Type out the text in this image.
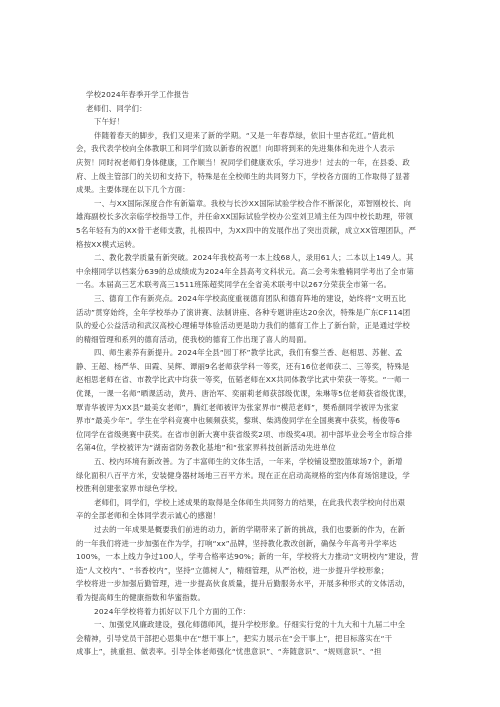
学校2024年春季开学工作报告

老师们、同学们：

下午好！

伴随着春天的脚步，我们又迎来了新的学期。“又是一年春草绿，依旧十里杏花红。”借此机

会，我代表学校向全体教职工和同学们致以新春的祝愿！向即将到来的先进集体和先进个人表示

庆贺！同时祝老师们身体健康，工作顺当！祝同学们健康欢乐，学习进步！过去的一年，在县委、政

府、上级主管部门的关切和支持下，特殊是在全校师生的共同努力下，学校各方面的工作取得了显著

成果。主要体现在以下几个方面：

一、与XX国际深度合作有新篇章。我校与长沙XX国际试验学校合作不断深化，邓智刚校长、向

雄海副校长多次亲临学校指导工作，并任命XX国际试验学校办公室刘卫靖主任为四中校长助理，带领

5名年轻有为的XX骨干老师支教，扎根四中，为XX四中的发展作出了突出贡献，成立XX管理团队，严

格按XX模式运转。

二、教化教学质量有新突破。2024年我校高考一本上线68人，录用61人；二本以上149人。其

中余栩同学以档案分639的总成绩成为2024年全县高考文科状元。高二会考朱雅楠同学考出了全市第

一名。本届高三艺术联考高三1511班陈超奖同学在全省美术联考中以267分荣获全市第一名。

三、德育工作有新亮点。2024年学校高度重视德育团队和德育阵地的建设，始终将“文明五比

活动”贯穿始终，全年学校举办了演讲赛、法制讲座、各种专题讲座达20余次，特殊是广东CF114团

队的爱心公益活动和武汉高校心理辅导体验活动更是助力我们的德育工作上了新台阶，正是通过学校

的精细管理和系列的德育活动，使我校的德育工作出现了喜人的局面。

四、师生素养有新提升。2024年全县“园丁杯”教学比武，我们有黎兰香、赵相思、苏催、孟

静、王超、杨严华、田霞、吴辉、谭丽9名老师获学科一等奖，还有16位老师获二、三等奖，特殊是

赵相思老师在省、市教学比武中均获一等奖，伍韬老师在XX共同体教学比武中荣获一等奖。“一师一

优课，一课一名师”晒课活动，黄丹、唐治军、奕丽莉老师获部级优课，朱琳等5位老师获省级优课，

覃青华被评为XX县“最美女老师”，腾红老师被评为张家界市“模范老师”，樊希颜同学被评为张家

界市“最美少年”。学生在学科竞赛中也频频获奖，黎琪、柴鸿俊同学在全国奥赛中获奖，杨俊等6

位同学在省级奥赛中获奖。在省市创新大赛中获省级奖2项、市级奖4项。初中部毕业会考全市综合排

名第4位，学校被评为“湖南省防务教化基地”和“张家界科技创新活动先进单位

五、校内环境有新改善。为了丰富师生的文体生活，一年来，学校铺设塑胶篮球场7个，新增

绿化面积八百平方米，安装健身器材场地三百平方米。现在正在启动高规格的室内体育场馆建设，学

校胜利创建张家界市绿色学校。

老师们，同学们，学校上述成果的取得是全体师生共同努力的结果，在此我代表学校向付出艰

辛的全部老师和全体同学表示诚心的感谢！

过去的一年成果是概要我们前进的动力，新的学期带来了新的挑战，我们也要新的作为，在新

的一年我们将进一步加强在作为学，打响“xx”品牌，坚持教化教改创新，确保今年高考升学率达

100%，一本上线力争过100人，学考合格率达90%；新的一年，学校将大力推动“文明校内”建设，营

造“人文校内”、“书香校内”，坚持“立德树人”，精细管理，从严治校，进一步提升学校形象；

学校将进一步加强后勤管理，进一步提高伙食质量，提升后勤服务水平，开展多种形式的文体活动，

看为提高师生的健康指数和华蜜指数。

2024年学校将着力抓好以下几个方面的工作：

一、加强党风廉政建设，强化师德师风，提升学校形象。仔细实行党的十九大和十九届二中全

会精神，引导党员干部把心思集中在“想干事上”，把实力展示在“会干事上”，把目标落实在“干

成事上”，挑重担、做表率。引导全体老师强化“忧患意识”、“奔随意识”、“规则意识”、“担
